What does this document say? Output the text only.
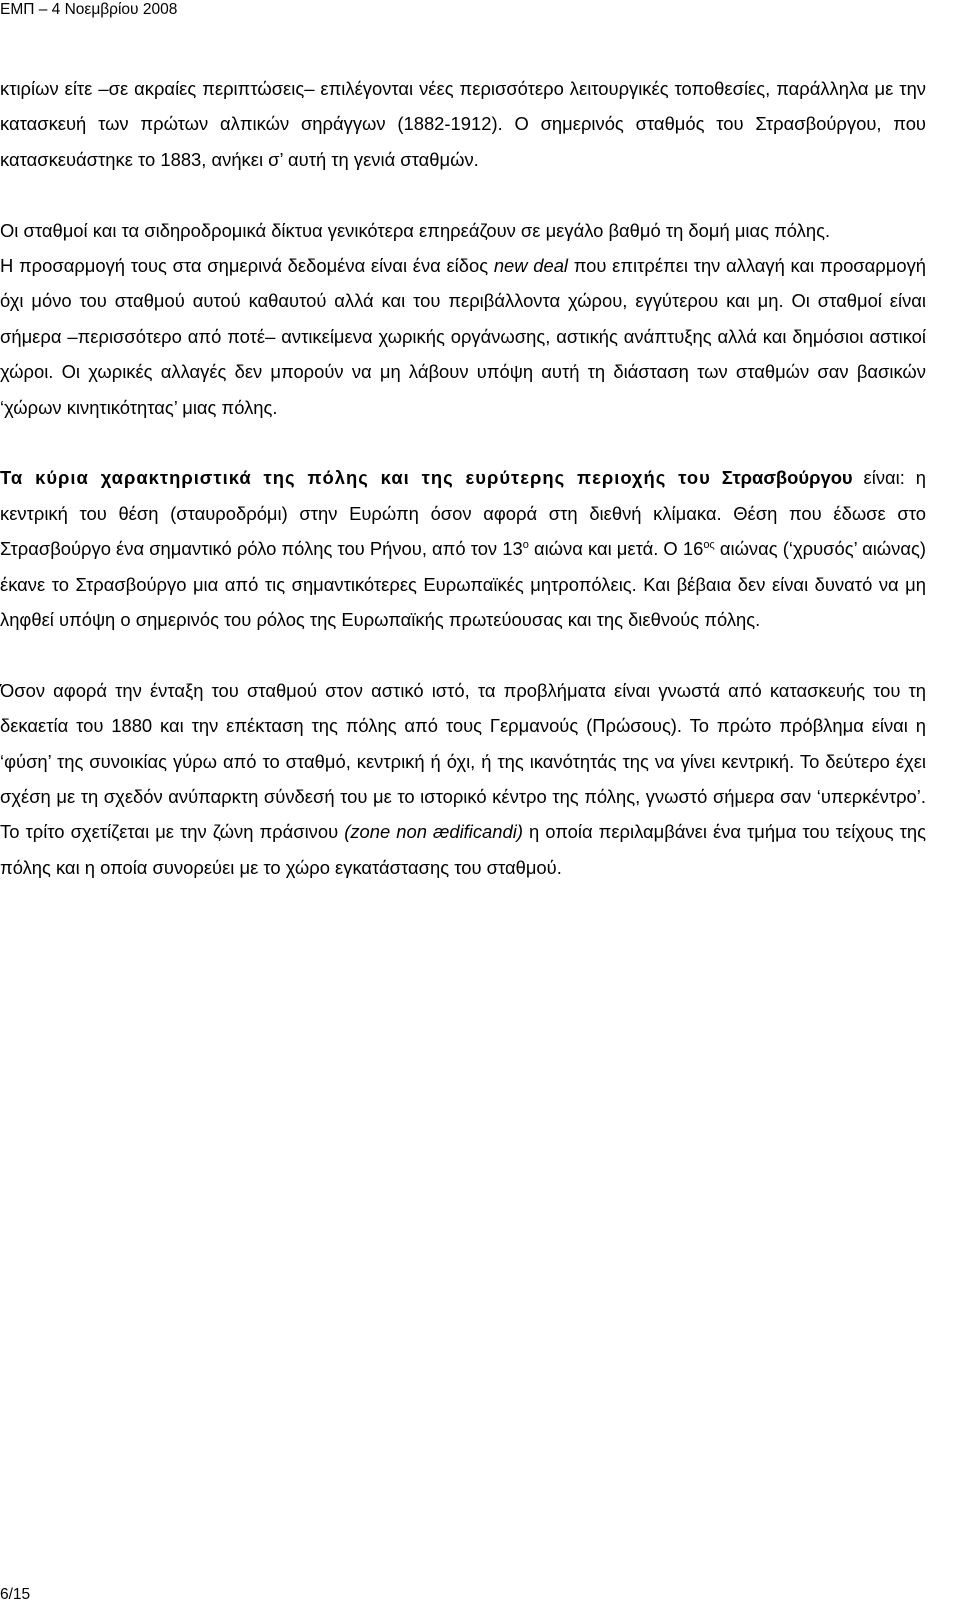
ΕΜΠ – 4 Νοεμβρίου 2008

κτιρίων είτε –σε ακραίες περιπτώσεις– επιλέγονται νέες περισσότερο λειτουργικές τοποθεσίες, παράλληλα με την κατασκευή των πρώτων αλπικών σηράγγων (1882-1912). Ο σημερινός σταθμός του Στρασβούργου, που κατασκευάστηκε το 1883, ανήκει σ’ αυτή τη γενιά σταθμών.

Οι σταθμοί και τα σιδηροδρομικά δίκτυα γενικότερα επηρεάζουν σε μεγάλο βαθμό τη δομή μιας πόλης.

Η προσαρμογή τους στα σημερινά δεδομένα είναι ένα είδος new deal που επιτρέπει την αλλαγή και προσαρμογή όχι μόνο του σταθμού αυτού καθαυτού αλλά και του περιβάλλοντα χώρου, εγγύτερου και μη. Οι σταθμοί είναι σήμερα –περισσότερο από ποτέ– αντικείμενα χωρικής οργάνωσης, αστικής ανάπτυξης αλλά και δημόσιοι αστικοί χώροι. Οι χωρικές αλλαγές δεν μπορούν να μη λάβουν υπόψη αυτή τη διάσταση των σταθμών σαν βασικών ‘χώρων κινητικότητας’ μιας πόλης.

Τα κύρια χαρακτηριστικά της πόλης και της ευρύτερης περιοχής του Στρασβούργου είναι: η κεντρική του θέση (σταυροδρόμι) στην Ευρώπη όσον αφορά στη διεθνή κλίμακα. Θέση που έδωσε στο Στρασβούργο ένα σημαντικό ρόλο πόλης του Ρήνου, από τον $13^o$ αιώνα και μετά. Ο $16^{o\varsigma}$ αιώνας (‘χρυσός’ αιώνας) έκανε το Στρασβούργο μια από τις σημαντικότερες Ευρωπαϊκές μητροπόλεις. Και βέβαια δεν είναι δυνατό να μη ληφθεί υπόψη ο σημερινός του ρόλος της Ευρωπαϊκής πρωτεύουσας και της διεθνούς πόλης.

Όσον αφορά την ένταξη του σταθμού στον αστικό ιστό, τα προβλήματα είναι γνωστά από κατασκευής του τη δεκαετία του 1880 και την επέκταση της πόλης από τους Γερμανούς (Πρώσους). Το πρώτο πρόβλημα είναι η ‘φύση’ της συνοικίας γύρω από το σταθμό, κεντρική ή όχι, ή της ικανότητάς της να γίνει κεντρική. Το δεύτερο έχει σχέση με τη σχεδόν ανύπαρκτη σύνδεσή του με το ιστορικό κέντρο της πόλης, γνωστό σήμερα σαν ‘υπερκέντρο’. Το τρίτο σχετίζεται με την ζώνη πράσινου (zone non ædificandi) η οποία περιλαμβάνει ένα τμήμα του τείχους της πόλης και η οποία συνορεύει με το χώρο εγκατάστασης του σταθμού.

6/15
